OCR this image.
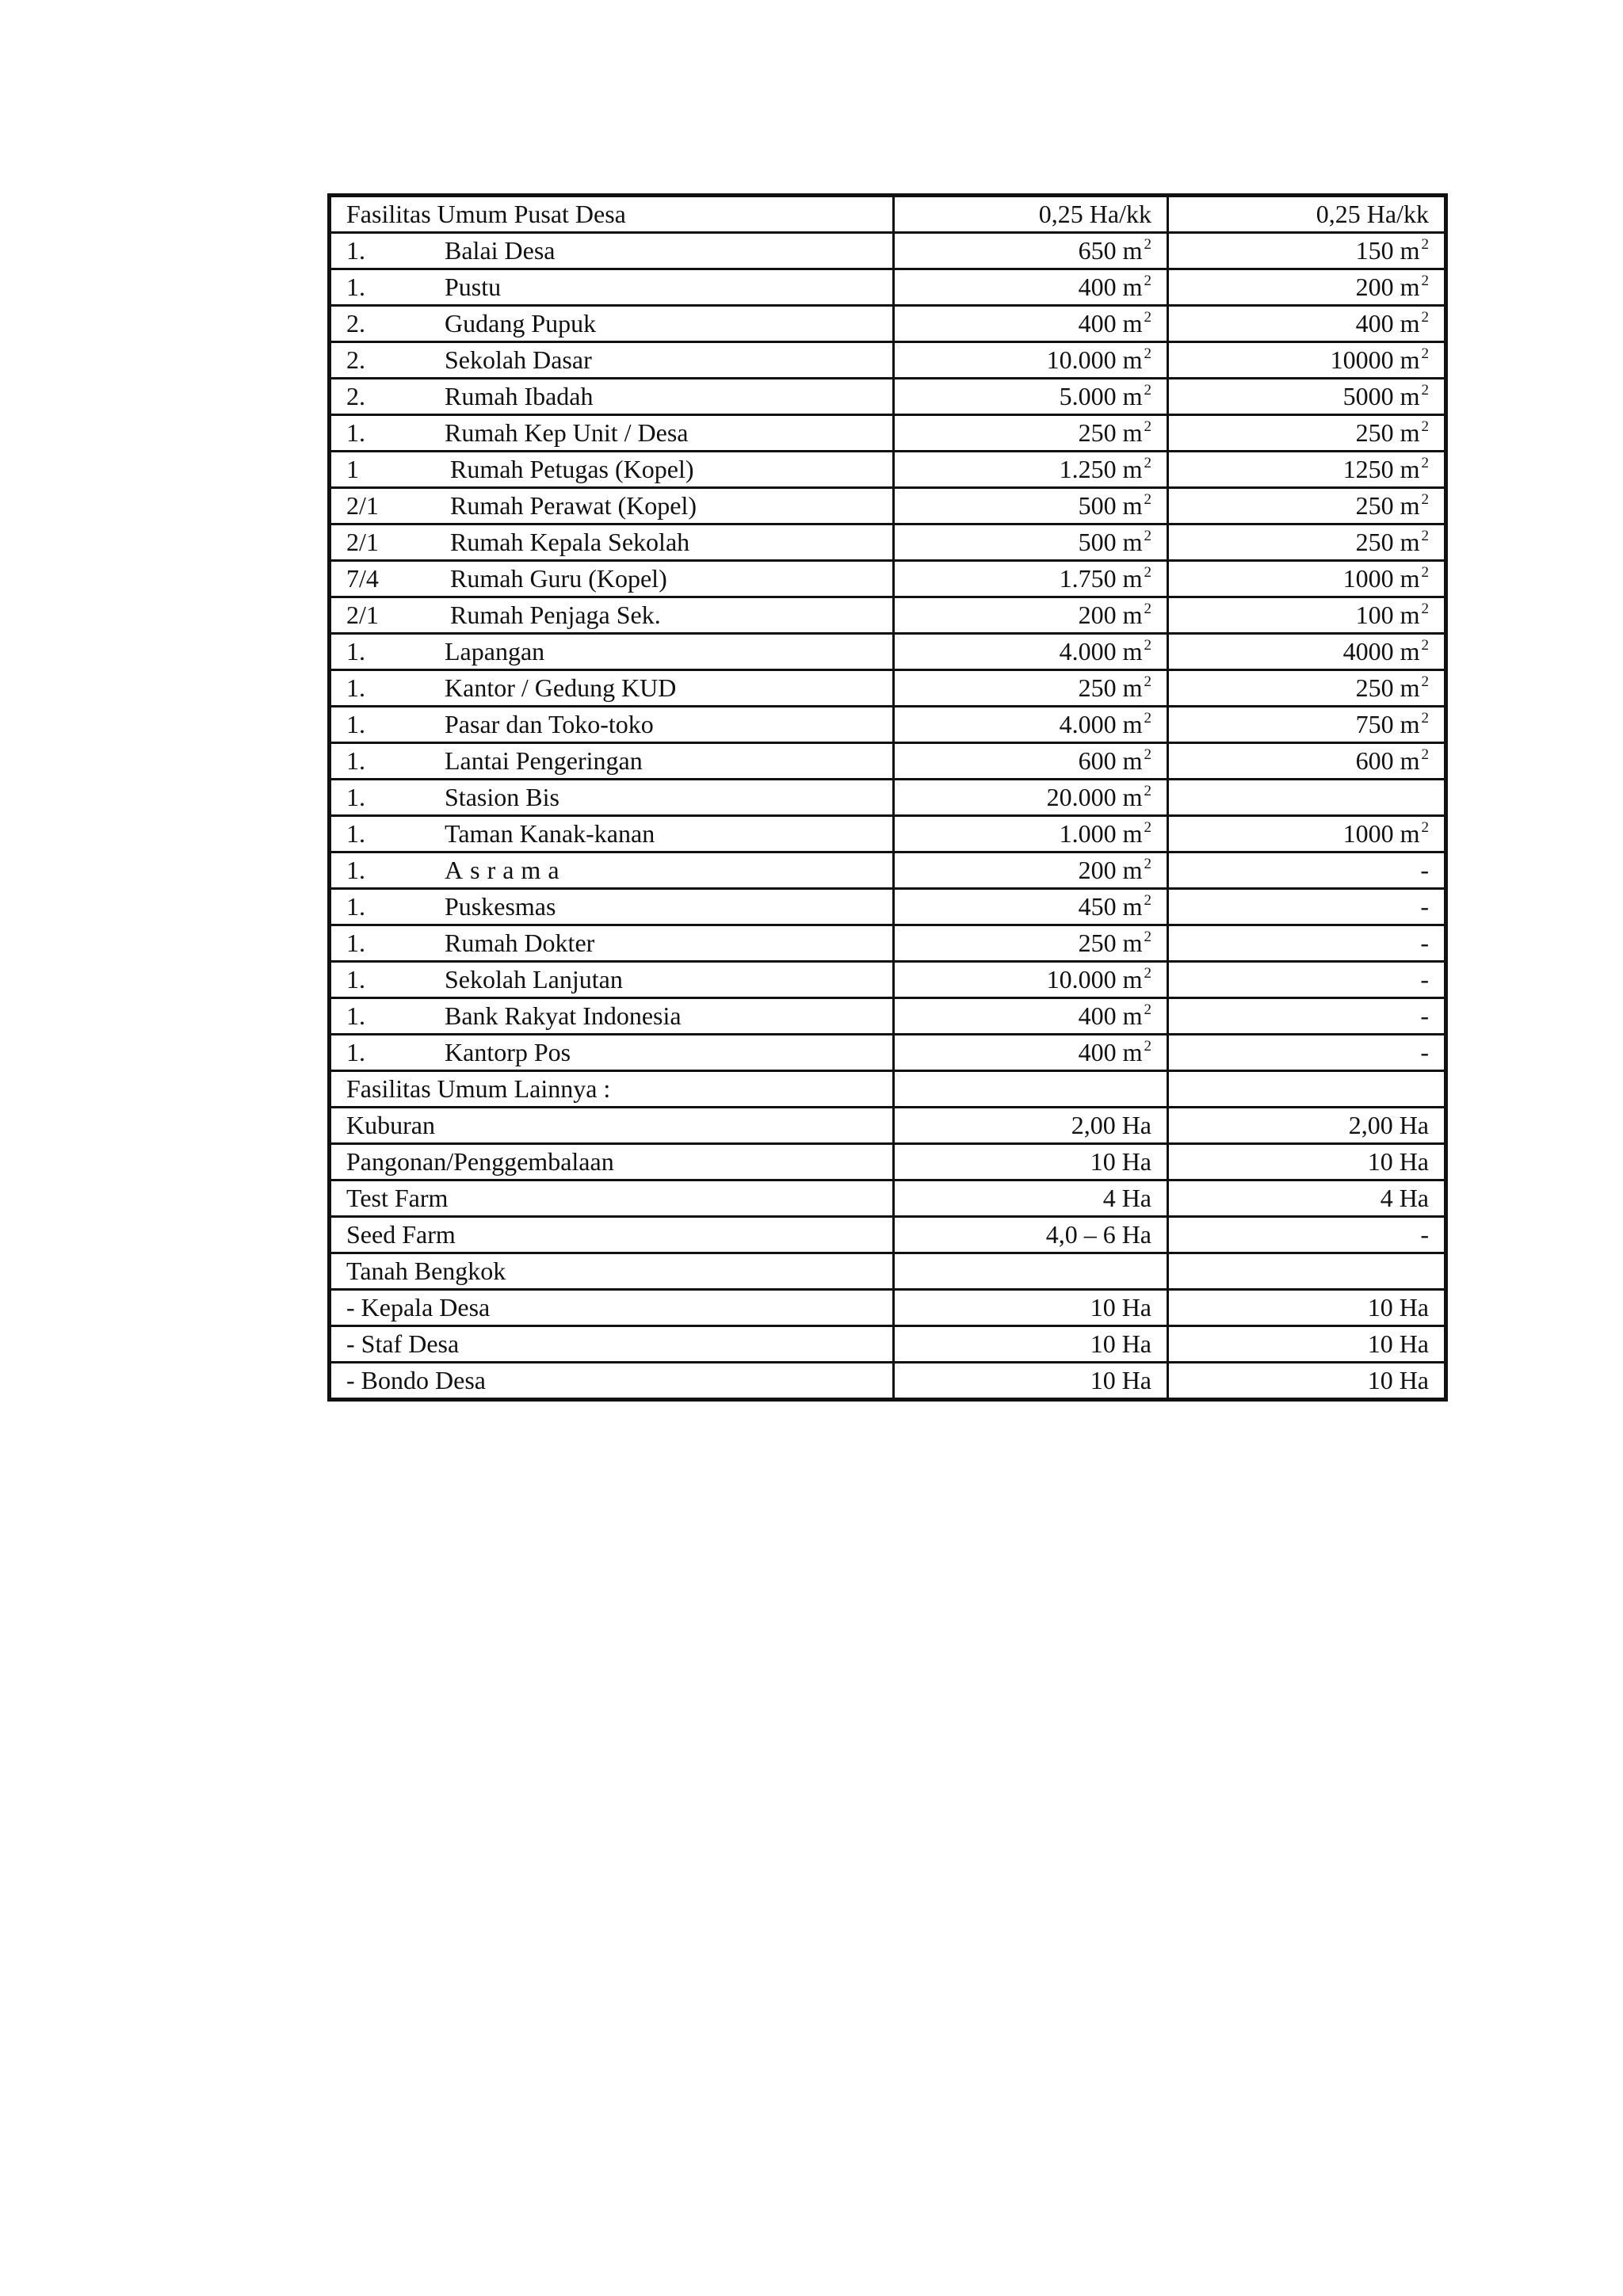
Fasilitas Umum Pusat Desa	0,25 Ha/kk	0,25 Ha/kk
1. Balai Desa	650 m $^2$	150 m $^2$
1. Pustu	400 m $^2$	200 m $^2$
2. Gudang Pupuk	400 m $^2$	400 m $^2$
2. Sekolah Dasar	10.000 m $^2$	10000 m $^2$
2. Rumah Ibadah	5.000 m $^2$	5000 m $^2$
1. Rumah Kep Unit / Desa	250 m $^2$	250 m $^2$
1 Rumah Petugas (Kopel)	1.250 m $^2$	1250 m $^2$
2/1 Rumah Perawat (Kopel)	500 m $^2$	250 m $^2$
2/1 Rumah Kepala Sekolah	500 m $^2$	250 m $^2$
7/4 Rumah Guru (Kopel)	1.750 m $^2$	1000 m $^2$
2/1 Rumah Penjaga Sek.	200 m $^2$	100 m $^2$
1. Lapangan	4.000 m $^2$	4000 m $^2$
1. Kantor / Gedung KUD	250 m $^2$	250 m $^2$
1. Pasar dan Toko-toko	4.000 m $^2$	750 m $^2$
1. Lantai Pengeringan	600 m $^2$	600 m $^2$
1. Stasion Bis	20.000 m $^2$	
1. Taman Kanak-kanan	1.000 m $^2$	1000 m $^2$
1. Asrama	200 m $^2$	-
1. Puskesmas	450 m $^2$	-
1. Rumah Dokter	250 m $^2$	-
1. Sekolah Lanjutan	10.000 m $^2$	-
1. Bank Rakyat Indonesia	400 m $^2$	-
1. Kantorp Pos	400 m $^2$	-
Fasilitas Umum Lainnya :		
Kuburan	2,00 Ha	2,00 Ha
Pangonan/Penggembalaan	10 Ha	10 Ha
Test Farm	4 Ha	4 Ha
Seed Farm	4,0 – 6 Ha	-
Tanah Bengkok		
- Kepala Desa	10 Ha	10 Ha
- Staf Desa	10 Ha	10 Ha
- Bondo Desa	10 Ha	10 Ha
